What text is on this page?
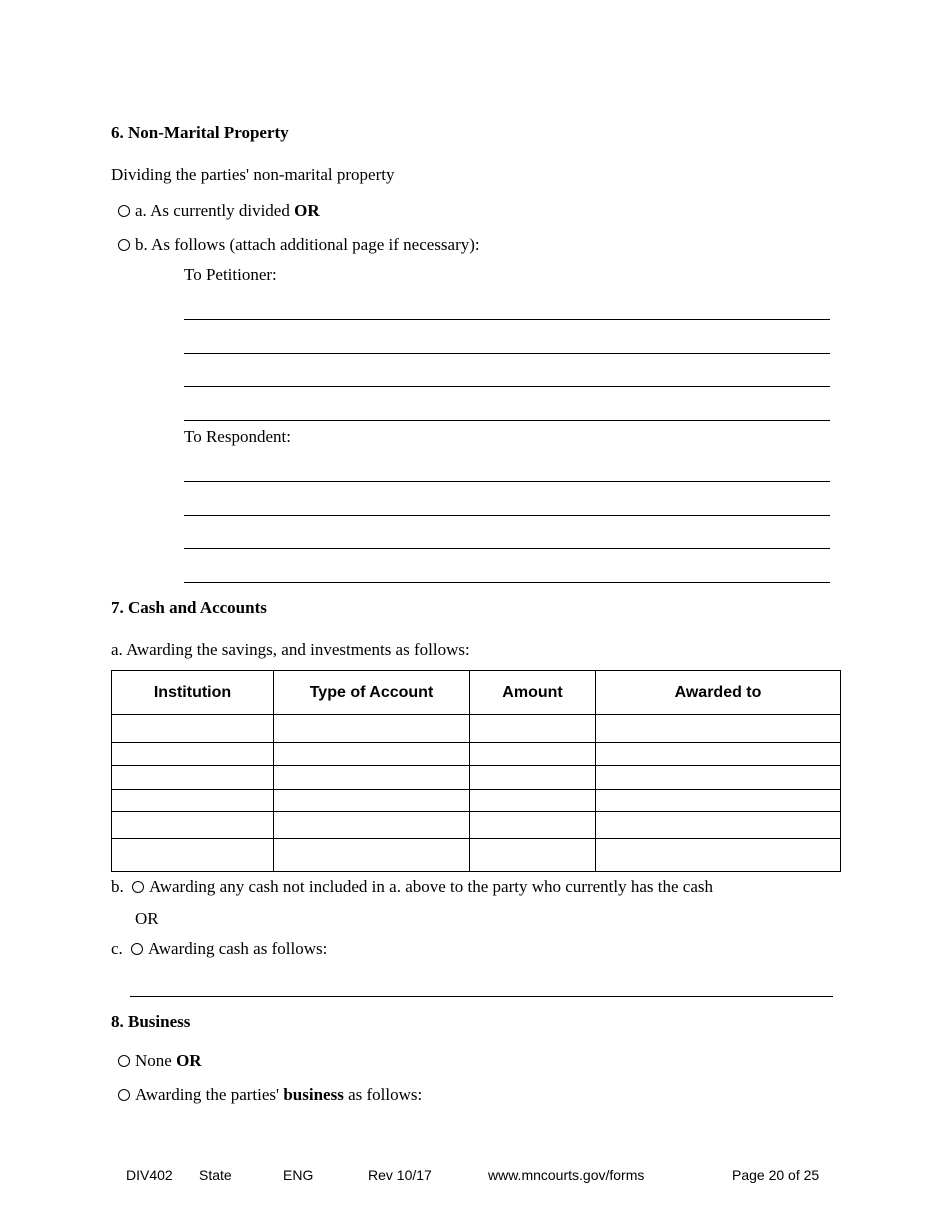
6. Non-Marital Property
Dividing the parties' non-marital property
a. As currently divided OR
b. As follows (attach additional page if necessary):
To Petitioner:
To Respondent:
7. Cash and Accounts
a. Awarding the savings, and investments as follows:
Institution	Type of Account	Amount	Awarded to

b. Awarding any cash not included in a. above to the party who currently has the cash
OR
c. Awarding cash as follows:
8. Business
None OR
Awarding the parties' business as follows:
DIV402 State	ENG	Rev 10/17	www.mncourts.gov/forms	Page 20 of 25
